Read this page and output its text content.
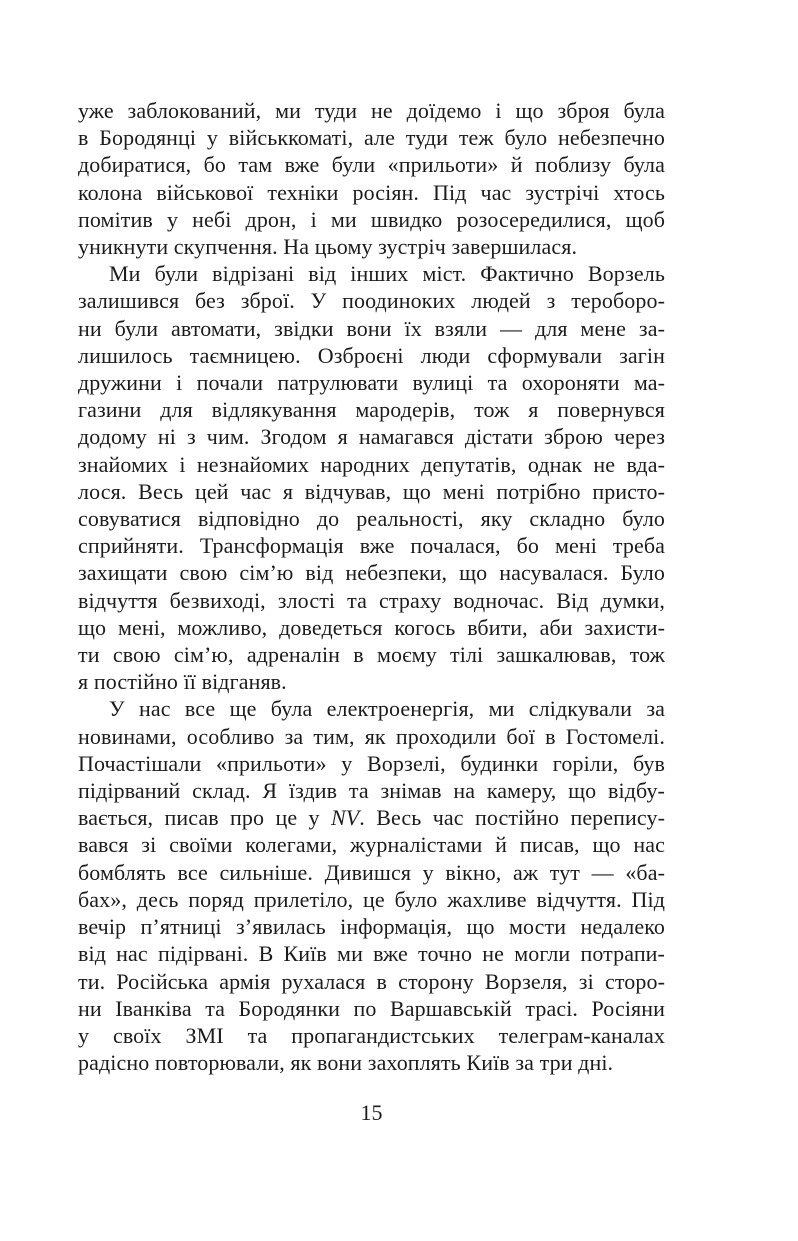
уже заблокований, ми туди не доїдемо і що зброя була
в Бородянці у військкоматі, але туди теж було небезпечно
добиратися, бо там вже були «прильоти» й поблизу була
колона військової техніки росіян. Під час зустрічі хтось
помітив у небі дрон, і ми швидко розосередилися, щоб
уникнути скупчення. На цьому зустріч завершилася.
Ми були відрізані від інших міст. Фактично Ворзель
залишився без зброї. У поодиноких людей з тероборо-
ни були автомати, звідки вони їх взяли — для мене за-
лишилось таємницею. Озброєні люди сформували загін
дружини і почали патрулювати вулиці та охороняти ма-
газини для відлякування мародерів, тож я повернувся
додому ні з чим. Згодом я намагався дістати зброю через
знайомих і незнайомих народних депутатів, однак не вда-
лося. Весь цей час я відчував, що мені потрібно присто-
совуватися відповідно до реальності, яку складно було
сприйняти. Трансформація вже почалася, бо мені треба
захищати свою сім’ю від небезпеки, що насувалася. Було
відчуття безвиході, злості та страху водночас. Від думки,
що мені, можливо, доведеться когось вбити, аби захисти-
ти свою сім’ю, адреналін в моєму тілі зашкалював, тож
я постійно її відганяв.
У нас все ще була електроенергія, ми слідкували за
новинами, особливо за тим, як проходили бої в Гостомелі.
Почастішали «прильоти» у Ворзелі, будинки горіли, був
підірваний склад. Я їздив та знімав на камеру, що відбу-
вається, писав про це у NV. Весь час постійно перепису-
вався зі своїми колегами, журналістами й писав, що нас
бомблять все сильніше. Дивишся у вікно, аж тут — «ба-
бах», десь поряд прилетіло, це було жахливе відчуття. Під
вечір п’ятниці з’явилась інформація, що мости недалеко
від нас підірвані. В Київ ми вже точно не могли потрапи-
ти. Російська армія рухалася в сторону Ворзеля, зі сторо-
ни Іванківа та Бородянки по Варшавській трасі. Росіяни
у своїх ЗМІ та пропагандистських телеграм-каналах
радісно повторювали, як вони захоплять Київ за три дні.
15
